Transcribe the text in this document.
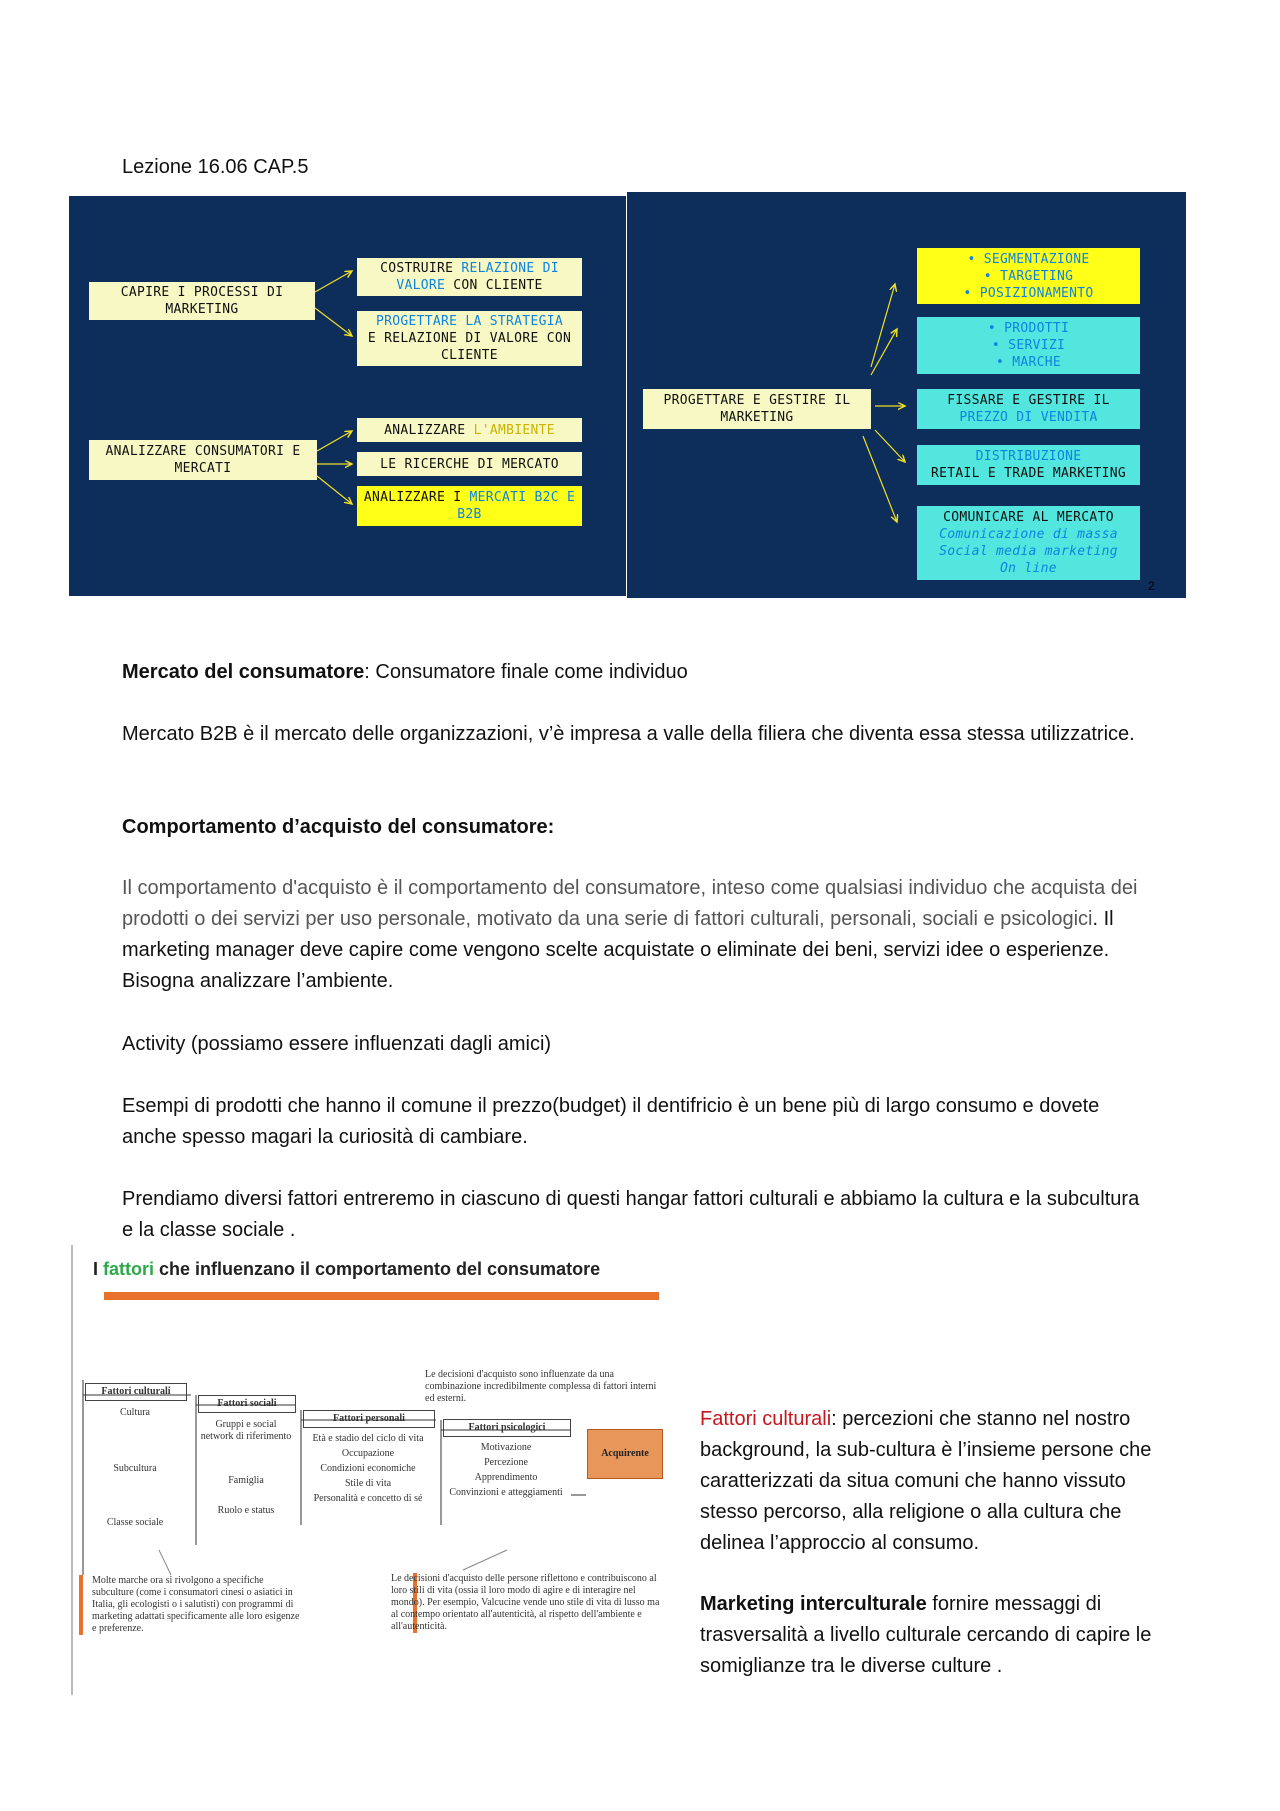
Lezione 16.06 CAP.5
CAPIRE I PROCESSI DI MARKETING
COSTRUIRE RELAZIONE DI VALORE CON CLIENTE
PROGETTARE LA STRATEGIA
E RELAZIONE DI VALORE CON CLIENTE
ANALIZZARE CONSUMATORI E MERCATI
ANALIZZARE L'AMBIENTE
LE RICERCHE DI MERCATO
ANALIZZARE I MERCATI B2C E B2B
PROGETTARE E GESTIRE IL MARKETING
• SEGMENTAZIONE
• TARGETING
• POSIZIONAMENTO
• PRODOTTI
• SERVIZI
• MARCHE
FISSARE E GESTIRE IL
PREZZO DI VENDITA
DISTRIBUZIONE
RETAIL E TRADE MARKETING
COMUNICARE AL MERCATO
Comunicazione di massa
Social media marketing
On line
2
Mercato del consumatore: Consumatore finale come individuo
Mercato B2B è il mercato delle organizzazioni, v’è impresa a valle della filiera che diventa essa stessa utilizzatrice.
Comportamento d’acquisto del consumatore:
Il comportamento d'acquisto è il comportamento del consumatore, inteso come qualsiasi individuo che acquista dei prodotti o dei servizi per uso personale, motivato da una serie di fattori culturali, personali, sociali e psicologici. Il marketing manager deve capire come vengono scelte acquistate o eliminate dei beni, servizi idee o esperienze. Bisogna analizzare l’ambiente.
Activity (possiamo essere influenzati dagli amici)
Esempi di prodotti che hanno il comune il prezzo(budget) il dentifricio è un bene più di largo consumo e dovete anche spesso magari la curiosità di cambiare.
Prendiamo diversi fattori entreremo in ciascuno di questi hangar fattori culturali e abbiamo la cultura e la subcultura e la classe sociale .
I fattori che influenzano il comportamento del consumatore
Le decisioni d'acquisto sono influenzate da una combinazione incredibilmente complessa di fattori interni ed esterni.
Fattori culturali
Cultura
Subcultura
Classe sociale
Fattori sociali
Gruppi e social network di riferimento
Famiglia
Ruolo e status
Fattori personali
Età e stadio del ciclo di vita
Occupazione
Condizioni economiche
Stile di vita
Personalità e concetto di sé
Fattori psicologici
Motivazione
Percezione
Apprendimento
Convinzioni e atteggiamenti
Acquirente
Molte marche ora si rivolgono a specifiche subculture (come i consumatori cinesi o asiatici in Italia, gli ecologisti o i salutisti) con programmi di marketing adattati specificamente alle loro esigenze e preferenze.
Le decisioni d'acquisto delle persone riflettono e contribuiscono al loro stili di vita (ossia il loro modo di agire e di interagire nel mondo). Per esempio, Valcucine vende uno stile di vita di lusso ma al contempo orientato all'autenticità, al rispetto dell'ambiente e all'autenticità.
Fattori culturali: percezioni che stanno nel nostro background, la sub-cultura è l’insieme persone che caratterizzati da situa comuni che hanno vissuto stesso percorso, alla religione o alla cultura che delinea l’approccio al consumo.
Marketing interculturale fornire messaggi di trasversalità a livello culturale cercando di capire le somiglianze tra le diverse culture .
